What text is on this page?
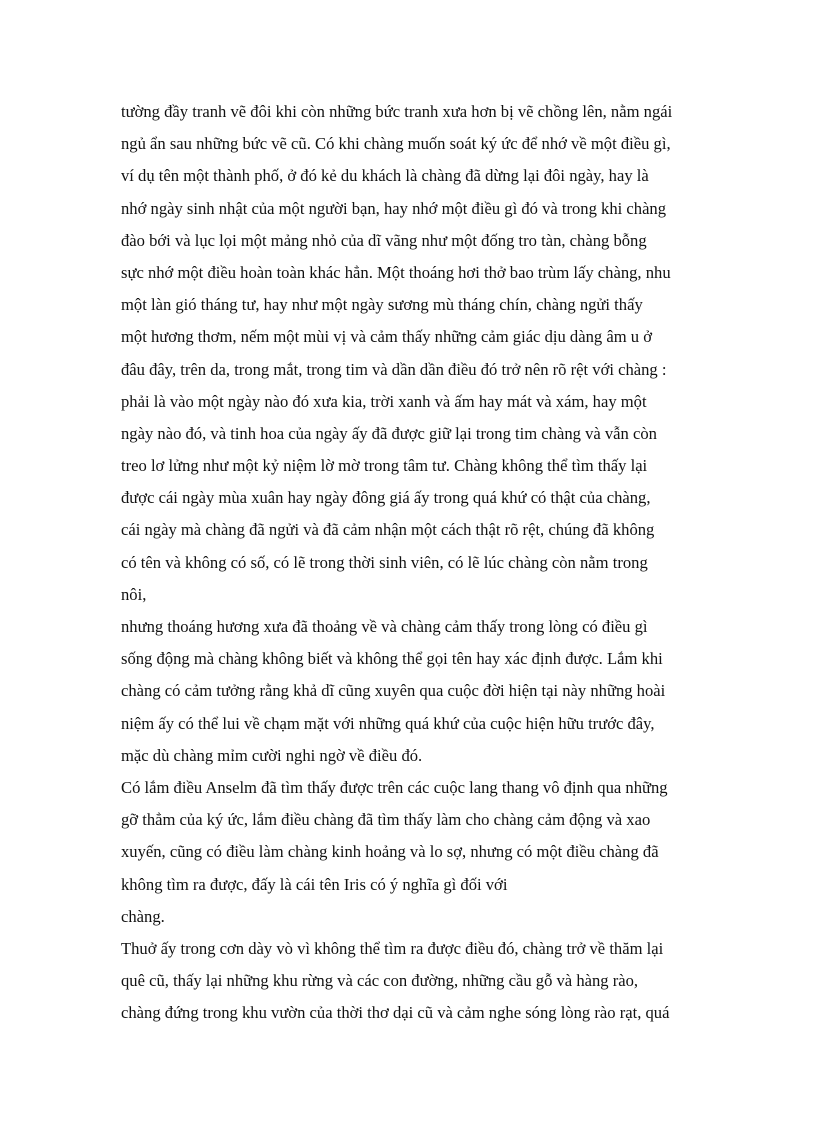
tường đầy tranh vẽ đôi khi còn những bức tranh xưa hơn bị vẽ chồng lên, nằm ngái
ngủ ẩn sau những bức vẽ cũ. Có khi chàng muốn soát ký ức để nhớ về một điều gì,
ví dụ tên một thành phố, ở đó kẻ du khách là chàng đã dừng lại đôi ngày, hay là
nhớ ngày sinh nhật của một người bạn, hay nhớ một điều gì đó và trong khi chàng
đào bới và lục lọi một mảng nhỏ của dĩ vãng như một đống tro tàn, chàng bỗng
sực nhớ một điều hoàn toàn khác hẳn. Một thoáng hơi thở bao trùm lấy chàng, nhu
một làn gió tháng tư, hay như một ngày sương mù tháng chín, chàng ngửi thấy
một hương thơm, nếm một mùi vị và cảm thấy những cảm giác dịu dàng âm u ở
đâu đây, trên da, trong mắt, trong tim và dần dần điều đó trở nên rõ rệt với chàng :
phải là vào một ngày nào đó xưa kia, trời xanh và ấm hay mát và xám, hay một
ngày nào đó, và tinh hoa của ngày ấy đã được giữ lại trong tim chàng và vẫn còn
treo lơ lửng như một kỷ niệm lờ mờ trong tâm tư. Chàng không thể tìm thấy lại
được cái ngày mùa xuân hay ngày đông giá ấy trong quá khứ có thật của chàng,
cái ngày mà chàng đã ngửi và đã cảm nhận một cách thật rõ rệt, chúng đã không
có tên và không có số, có lẽ trong thời sinh viên, có lẽ lúc chàng còn nằm trong
nôi,
nhưng thoáng hương xưa đã thoảng về và chàng cảm thấy trong lòng có điều gì
sống động mà chàng không biết và không thể gọi tên hay xác định được. Lắm khi
chàng có cảm tưởng rằng khả dĩ cũng xuyên qua cuộc đời hiện tại này những hoài
niệm ấy có thể lui về chạm mặt với những quá khứ của cuộc hiện hữu trước đây,
mặc dù chàng mỉm cười nghi ngờ về điều đó.
Có lắm điều Anselm đã tìm thấy được trên các cuộc lang thang vô định qua những
gỡ thẳm của ký ức, lắm điều chàng đã tìm thấy làm cho chàng cảm động và xao
xuyến, cũng có điều làm chàng kinh hoảng và lo sợ, nhưng có một điều chàng đã
không tìm ra được, đấy là cái tên Iris có ý nghĩa gì đối với
chàng.
Thuở ấy trong cơn dày vò vì không thể tìm ra được điều đó, chàng trở về thăm lại
quê cũ, thấy lại những khu rừng và các con đường, những cầu gỗ và hàng rào,
chàng đứng trong khu vườn của thời thơ dại cũ và cảm nghe sóng lòng rào rạt, quá
